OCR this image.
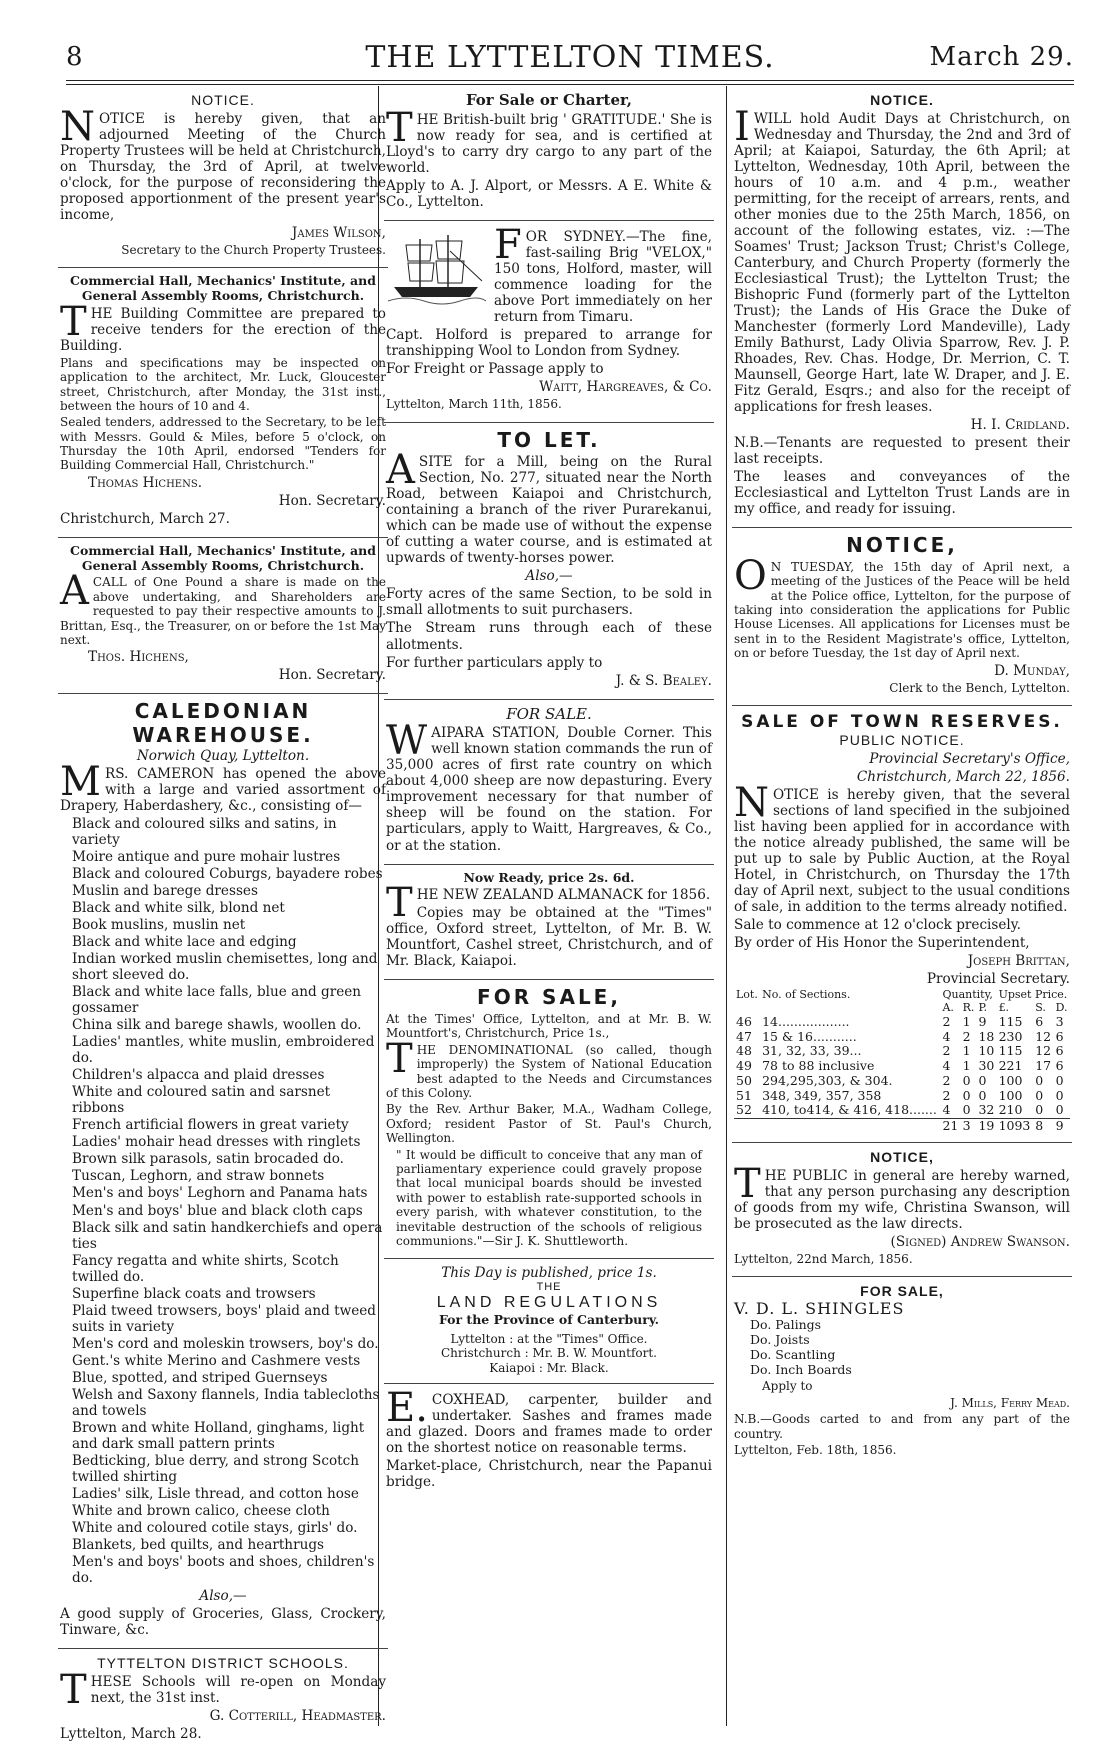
8	THE LYTTELTON TIMES.	March 29.
NOTICE.

NOTICE is hereby given, that an adjourned Meeting of the Church Property Trustees will be held at Christchurch, on Thursday, the 3rd of April, at twelve o'clock, for the purpose of reconsidering the proposed apportionment of the present year's income,

James Wilson,

Secretary to the Church Property Trustees.

Commercial Hall, Mechanics' Institute, and General Assembly Rooms, Christchurch.

THE Building Committee are prepared to receive tenders for the erection of the Building.

Plans and specifications may be inspected on application to the architect, Mr. Luck, Gloucester street, Christchurch, after Monday, the 31st inst., between the hours of 10 and 4.

Sealed tenders, addressed to the Secretary, to be left with Messrs. Gould & Miles, before 5 o'clock, on Thursday the 10th April, endorsed "Tenders for Building Commercial Hall, Christchurch."

Thomas Hichens.

Hon. Secretary.

Christchurch, March 27.

Commercial Hall, Mechanics' Institute, and General Assembly Rooms, Christchurch.

ACALL of One Pound a share is made on the above undertaking, and Shareholders are requested to pay their respective amounts to J. Brittan, Esq., the Treasurer, on or before the 1st May next.

Thos. Hichens,

Hon. Secretary.

CALEDONIAN WAREHOUSE.
Norwich Quay, Lyttelton.

MRS. CAMERON has opened the above with a large and varied assortment of Drapery, Haberdashery, &c., consisting of—

Black and coloured silks and satins, in variety
Moire antique and pure mohair lustres
Black and coloured Coburgs, bayadere robes
Muslin and barege dresses
Black and white silk, blond net
Book muslins, muslin net
Black and white lace and edging
Indian worked muslin chemisettes, long and short sleeved do.
Black and white lace falls, blue and green gossamer
China silk and barege shawls, woollen do.
Ladies' mantles, white muslin, embroidered do.
Children's alpacca and plaid dresses
White and coloured satin and sarsnet ribbons
French artificial flowers in great variety
Ladies' mohair head dresses with ringlets
Brown silk parasols, satin brocaded do.
Tuscan, Leghorn, and straw bonnets
Men's and boys' Leghorn and Panama hats
Men's and boys' blue and black cloth caps
Black silk and satin handkerchiefs and opera ties
Fancy regatta and white shirts, Scotch twilled do.
Superfine black coats and trowsers
Plaid tweed trowsers, boys' plaid and tweed suits in variety
Men's cord and moleskin trowsers, boy's do.
Gent.'s white Merino and Cashmere vests
Blue, spotted, and striped Guernseys
Welsh and Saxony flannels, India tablecloths and towels
Brown and white Holland, ginghams, light and dark small pattern prints
Bedticking, blue derry, and strong Scotch twilled shirting
Ladies' silk, Lisle thread, and cotton hose
White and brown calico, cheese cloth
White and coloured cotile stays, girls' do.
Blankets, bed quilts, and hearthrugs
Men's and boys' boots and shoes, children's do.

Also,—

A good supply of Groceries, Glass, Crockery, Tinware, &c.

TYTTELTON DISTRICT SCHOOLS.

THESE Schools will re-open on Monday next, the 31st inst.

G. Cotterill, Headmaster.

Lyttelton, March 28.

For Sale or Charter,

THE British-built brig ' GRATITUDE.' She is now ready for sea, and is certified at Lloyd's to carry dry cargo to any part of the world.

Apply to A. J. Alport, or Messrs. A E. White & Co., Lyttelton.

FOR SYDNEY.—The fine, fast-sailing Brig "VELOX," 150 tons, Holford, master, will commence loading for the above Port immediately on her return from Timaru.

Capt. Holford is prepared to arrange for transhipping Wool to London from Sydney.

For Freight or Passage apply to

Waitt, Hargreaves, & Co.

Lyttelton, March 11th, 1856.

TO LET.

ASITE for a Mill, being on the Rural Section, No. 277, situated near the North Road, between Kaiapoi and Christchurch, containing a branch of the river Purarekanui, which can be made use of without the expense of cutting a water course, and is estimated at upwards of twenty-horses power.

Also,—

Forty acres of the same Section, to be sold in small allotments to suit purchasers.

The Stream runs through each of these allotments.

For further particulars apply to

J. & S. Bealey.

FOR SALE.

WAIPARA STATION, Double Corner. This well known station commands the run of 35,000 acres of first rate country on which about 4,000 sheep are now depasturing. Every improvement necessary for that number of sheep will be found on the station. For particulars, apply to Waitt, Hargreaves, & Co., or at the station.

Now Ready, price 2s. 6d.

THE NEW ZEALAND ALMANACK for 1856.

Copies may be obtained at the "Times" office, Oxford street, Lyttelton, of Mr. B. W. Mountfort, Cashel street, Christchurch, and of Mr. Black, Kaiapoi.

FOR SALE,

At the Times' Office, Lyttelton, and at Mr. B. W. Mountfort's, Christchurch, Price 1s.,

THE DENOMINATIONAL (so called, though improperly) the System of National Education best adapted to the Needs and Circumstances of this Colony.

By the Rev. Arthur Baker, M.A., Wadham College, Oxford; resident Pastor of St. Paul's Church, Wellington.

" It would be difficult to conceive that any man of parliamentary experience could gravely propose that local municipal boards should be invested with power to establish rate-supported schools in every parish, with whatever constitution, to the inevitable destruction of the schools of religious communions."—Sir J. K. Shuttleworth.

This Day is published, price 1s.
THE
LAND REGULATIONS
For the Province of Canterbury.
Lyttelton : at the "Times" Office.
Christchurch : Mr. B. W. Mountfort.
Kaiapoi : Mr. Black.

E.COXHEAD, carpenter, builder and undertaker. Sashes and frames made and glazed. Doors and frames made to order on the shortest notice on reasonable terms.

Market-place, Christchurch, near the Papanui bridge.

NOTICE.

IWILL hold Audit Days at Christchurch, on Wednesday and Thursday, the 2nd and 3rd of April; at Kaiapoi, Saturday, the 6th April; at Lyttelton, Wednesday, 10th April, between the hours of 10 a.m. and 4 p.m., weather permitting, for the receipt of arrears, rents, and other monies due to the 25th March, 1856, on account of the following estates, viz. :—The Soames' Trust; Jackson Trust; Christ's College, Canterbury, and Church Property (formerly the Ecclesiastical Trust); the Lyttelton Trust; the Bishopric Fund (formerly part of the Lyttelton Trust); the Lands of His Grace the Duke of Manchester (formerly Lord Mandeville), Lady Emily Bathurst, Lady Olivia Sparrow, Rev. J. P. Rhoades, Rev. Chas. Hodge, Dr. Merrion, C. T. Maunsell, George Hart, late W. Draper, and J. E. Fitz Gerald, Esqrs.; and also for the receipt of applications for fresh leases.

H. I. Cridland.

N.B.—Tenants are requested to present their last receipts.

The leases and conveyances of the Ecclesiastical and Lyttelton Trust Lands are in my office, and ready for issuing.

NOTICE,

ON TUESDAY, the 15th day of April next, a meeting of the Justices of the Peace will be held at the Police office, Lyttelton, for the purpose of taking into consideration the applications for Public House Licenses. All applications for Licenses must be sent in to the Resident Magistrate's office, Lyttelton, on or before Tuesday, the 1st day of April next.

D. Munday,

Clerk to the Bench, Lyttelton.

SALE OF TOWN RESERVES.
PUBLIC NOTICE.

Provincial Secretary's Office,

Christchurch, March 22, 1856.

NOTICE is hereby given, that the several sections of land specified in the subjoined list having been applied for in accordance with the notice already published, the same will be put up to sale by Public Auction, at the Royal Hotel, in Christchurch, on Thursday the 17th day of April next, subject to the usual conditions of sale, in addition to the terms already notified.

Sale to commence at 12 o'clock precisely.

By order of His Honor the Superintendent,

Joseph Brittan,

Provincial Secretary.

Lot.	No. of Sections.	Quantity,			Upset Price.		
		A.	R.	P.	£.	S.	D.
46	14..................	2	1	9	115	6	3
47	15 & 16...........	4	2	18	230	12	6
48	31, 32, 33, 39...	2	1	10	115	12	6
49	78 to 88 inclusive	4	1	30	221	17	6
50	294,295,303, & 304.	2	0	0	100	0	0
51	348, 349, 357, 358	2	0	0	100	0	0
52	410, to414, & 416, 418.......	4	0	32	210	0	0
		21	3	19	1093	8	9
NOTICE,

THE PUBLIC in general are hereby warned, that any person purchasing any description of goods from my wife, Christina Swanson, will be prosecuted as the law directs.

(Signed) Andrew Swanson.

Lyttelton, 22nd March, 1856.

FOR SALE,
V. D. L. SHINGLES
Do. Palings
Do. Joists
Do. Scantling
Do. Inch Boards

Apply to

J. Mills, Ferry Mead.

N.B.—Goods carted to and from any part of the country.

Lyttelton, Feb. 18th, 1856.
